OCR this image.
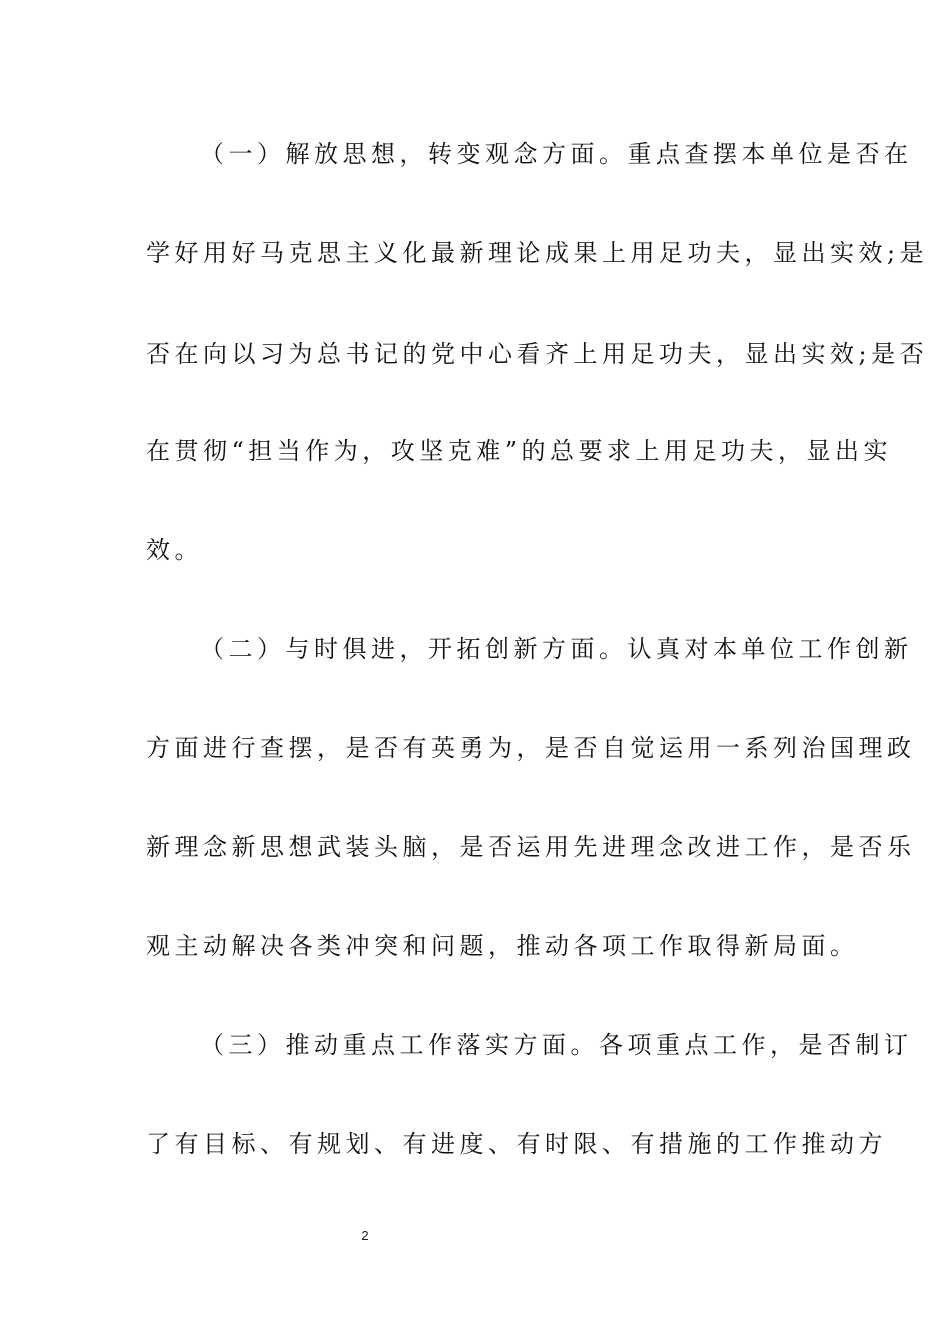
（一）解放思想，转变观念方面。重点查摆本单位是否在
学好用好马克思主义化最新理论成果上用足功夫，显出实效;是
否在向以习为总书记的党中心看齐上用足功夫，显出实效;是否
在贯彻“担当作为，攻坚克难”的总要求上用足功夫，显出实
效。
（二）与时俱进，开拓创新方面。认真对本单位工作创新
方面进行查摆，是否有英勇为，是否自觉运用一系列治国理政
新理念新思想武装头脑，是否运用先进理念改进工作，是否乐
观主动解决各类冲突和问题，推动各项工作取得新局面。
（三）推动重点工作落实方面。各项重点工作，是否制订
了有目标、有规划、有进度、有时限、有措施的工作推动方
2
